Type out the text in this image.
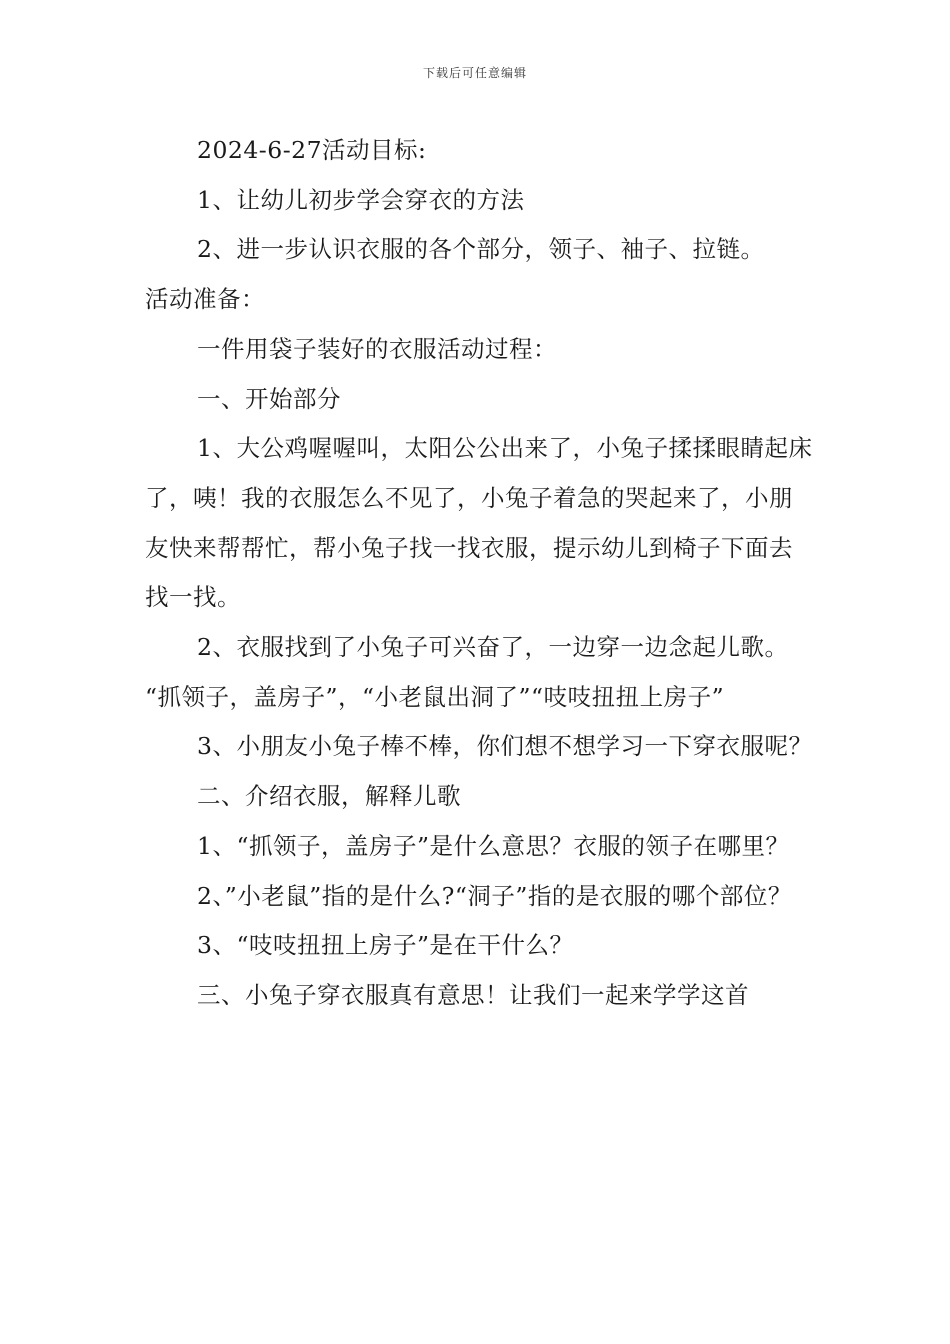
下载后可任意编辑

2024-6-27活动目标:

1、让幼儿初步学会穿衣的方法

2、进一步认识衣服的各个部分，领子、袖子、拉链。

活动准备：

一件用袋子装好的衣服活动过程：

一、开始部分

1、大公鸡喔喔叫，太阳公公出来了，小兔子揉揉眼睛起床了，咦！我的衣服怎么不见了，小兔子着急的哭起来了，小朋友快来帮帮忙，帮小兔子找一找衣服，提示幼儿到椅子下面去找一找。

2、衣服找到了小兔子可兴奋了，一边穿一边念起儿歌。

“抓领子，盖房子”，“小老鼠出洞了”“吱吱扭扭上房子”

3、小朋友小兔子棒不棒，你们想不想学习一下穿衣服呢？

二、介绍衣服，解释儿歌

1、“抓领子，盖房子”是什么意思？衣服的领子在哪里？

2、”小老鼠”指的是什么?“洞子”指的是衣服的哪个部位？

3、“吱吱扭扭上房子”是在干什么？

三、小兔子穿衣服真有意思！让我们一起来学学这首
